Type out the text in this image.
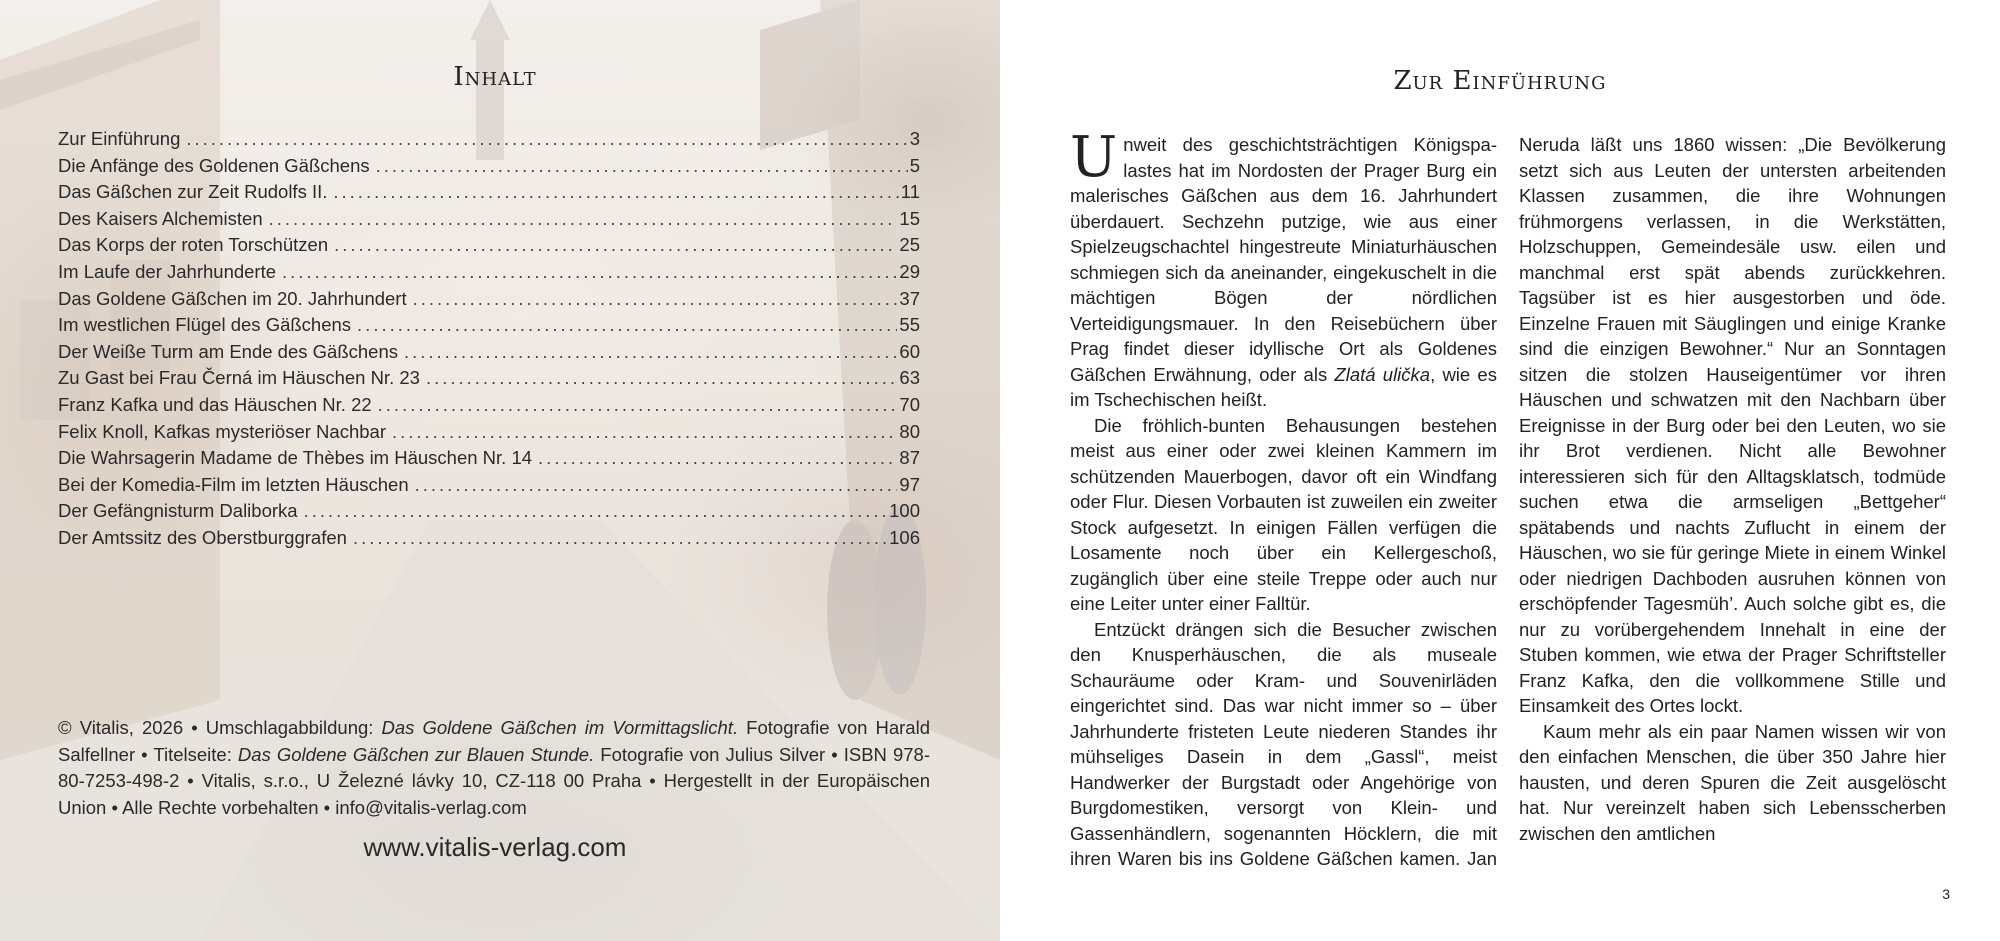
Inhalt
Zur Einführung .....	3
Die Anfänge des Goldenen Gäßchens .....	5
Das Gäßchen zur Zeit Rudolfs II. .....	11
Des Kaisers Alchemisten .....	15
Das Korps der roten Torschützen .....	25
Im Laufe der Jahrhunderte .....	29
Das Goldene Gäßchen im 20. Jahrhundert .....	37
Im westlichen Flügel des Gäßchens .....	55
Der Weiße Turm am Ende des Gäßchens .....	60
Zu Gast bei Frau Černá im Häuschen Nr. 23 .....	63
Franz Kafka und das Häuschen Nr. 22 .....	70
Felix Knoll, Kafkas mysteriöser Nachbar .....	80
Die Wahrsagerin Madame de Thèbes im Häuschen Nr. 14 .....	87
Bei der Komedia-Film im letzten Häuschen .....	97
Der Gefängnisturm Daliborka .....	100
Der Amtssitz des Oberstburggrafen .....	106

© Vitalis, 2026 • Umschlagabbildung: Das Goldene Gäßchen im Vormittagslicht. Fotografie von Harald Salfellner • Titelseite: Das Goldene Gäßchen zur Blauen Stunde. Fotografie von Julius Silver • ISBN 978-80-7253-498-2 • Vitalis, s.r.o., U Železné lávky 10, CZ-118 00 Praha • Hergestellt in der Europäischen Union • Alle Rechte vorbehalten • info@vitalis-verlag.com

www.vitalis-verlag.com
Zur Einführung

Unweit des geschichtsträchtigen Königspalastes hat im Nordosten der Prager Burg ein malerisches Gäßchen aus dem 16. Jahrhundert überdauert. Sechzehn putzige, wie aus einer Spielzeugschachtel hingestreute Miniaturhäuschen schmiegen sich da aneinander, eingekuschelt in die mächtigen Bögen der nördlichen Verteidigungsmauer. In den Reisebüchern über Prag findet dieser idyllische Ort als Goldenes Gäßchen Erwähnung, oder als Zlatá ulička, wie es im Tschechischen heißt.

Die fröhlich-bunten Behausungen bestehen meist aus einer oder zwei kleinen Kammern im schützenden Mauerbogen, davor oft ein Windfang oder Flur. Diesen Vorbauten ist zuweilen ein zweiter Stock aufgesetzt. In einigen Fällen verfügen die Losamente noch über ein Kellergeschoß, zugänglich über eine steile Treppe oder auch nur eine Leiter unter einer Falltür.

Entzückt drängen sich die Besucher zwischen den Knusperhäuschen, die als museale Schauräume oder Kram- und Souvenirläden eingerichtet sind. Das war nicht immer so – über Jahrhunderte fristeten Leute niederen Standes ihr mühseliges Dasein in dem „Gassl“, meist Handwerker der Burgstadt oder Angehörige von Burgdomestiken, versorgt von Klein- und Gassenhändlern, sogenannten Höcklern, die mit ihren Waren bis ins Goldene Gäßchen kamen. Jan Neruda läßt uns 1860 wissen: „Die Bevölkerung setzt sich aus Leuten der untersten arbeitenden Klassen zusammen, die ihre Wohnungen frühmorgens verlassen, in die Werkstätten, Holzschuppen, Gemeindesäle usw. eilen und manchmal erst spät abends zurückkehren. Tagsüber ist es hier ausgestorben und öde. Einzelne Frauen mit Säuglingen und einige Kranke sind die einzigen Bewohner.“ Nur an Sonntagen sitzen die stolzen Hauseigentümer vor ihren Häuschen und schwatzen mit den Nachbarn über Ereignisse in der Burg oder bei den Leuten, wo sie ihr Brot verdienen. Nicht alle Bewohner interessieren sich für den Alltagsklatsch, todmüde suchen etwa die armseligen „Bettgeher“ spätabends und nachts Zuflucht in einem der Häuschen, wo sie für geringe Miete in einem Winkel oder niedrigen Dachboden ausruhen können von erschöpfender Tagesmüh’. Auch solche gibt es, die nur zu vorübergehendem Innehalt in eine der Stuben kommen, wie etwa der Prager Schriftsteller Franz Kafka, den die vollkommene Stille und Einsamkeit des Ortes lockt.

Kaum mehr als ein paar Namen wissen wir von den einfachen Menschen, die über 350 Jahre hier hausten, und deren Spuren die Zeit ausgelöscht hat. Nur vereinzelt haben sich Lebensscherben zwischen den amtlichen

3
